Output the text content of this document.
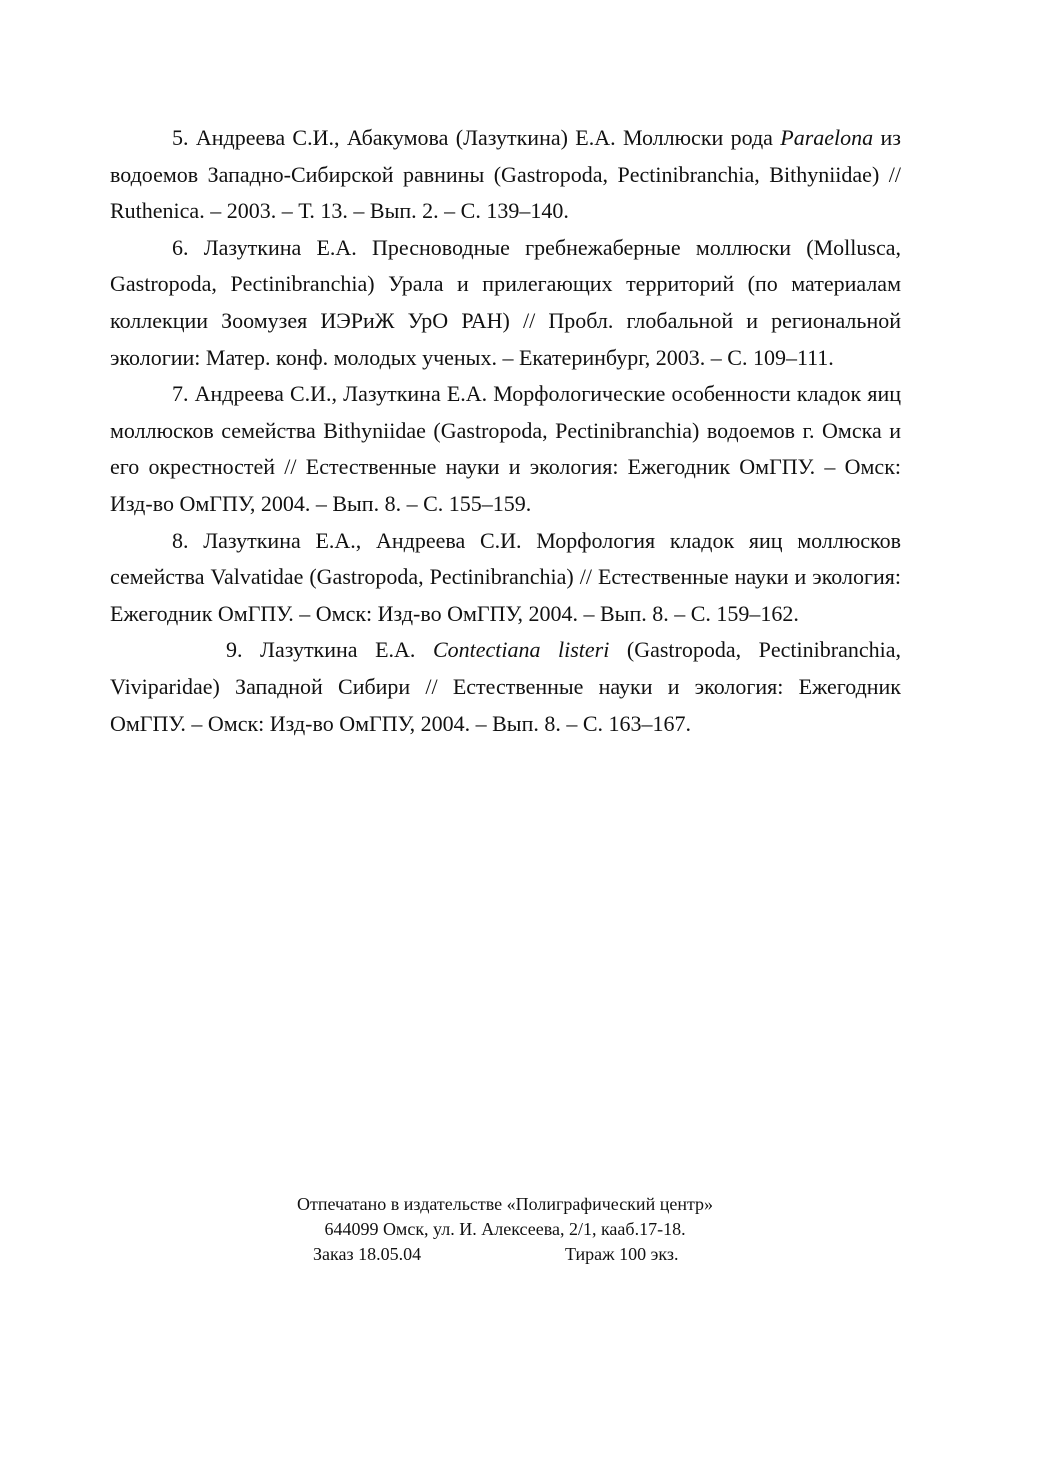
5. Андреева С.И., Абакумова (Лазуткина) Е.А. Моллюски рода Paraelona из водоемов Западно-Сибирской равнины (Gastropoda, Pectinibranchia, Bithyniidae) // Ruthenica. – 2003. – Т. 13. – Вып. 2. – С. 139–140.

6. Лазуткина Е.А. Пресноводные гребнежаберные моллюски (Mollusca, Gastropoda, Pectinibranchia) Урала и прилегающих территорий (по материалам коллекции Зоомузея ИЭРиЖ УрО РАН) // Пробл. глобальной и региональной экологии: Матер. конф. молодых ученых. – Екатеринбург, 2003. – С. 109–111.

7. Андреева С.И., Лазуткина Е.А. Морфологические особенности кладок яиц моллюсков семейства Bithyniidae (Gastropoda, Pectinibranchia) водоемов г. Омска и его окрестностей // Естественные науки и экология: Ежегодник ОмГПУ. – Омск: Изд-во ОмГПУ, 2004. – Вып. 8. – С. 155–159.

8. Лазуткина Е.А., Андреева С.И. Морфология кладок яиц моллюсков семейства Valvatidae (Gastropoda, Pectinibranchia) // Естественные науки и экология: Ежегодник ОмГПУ. – Омск: Изд-во ОмГПУ, 2004. – Вып. 8. – С. 159–162.

9. Лазуткина Е.А. Contectiana listeri (Gastropoda, Pectinibranchia, Viviparidae) Западной Сибири // Естественные науки и экология: Ежегодник ОмГПУ. – Омск: Изд-во ОмГПУ, 2004. – Вып. 8. – С. 163–167.

Отпечатано в издательстве «Полиграфический центр»
644099 Омск, ул. И. Алексеева, 2/1, кааб.17-18.
Заказ 18.05.04	Тираж 100 экз.
